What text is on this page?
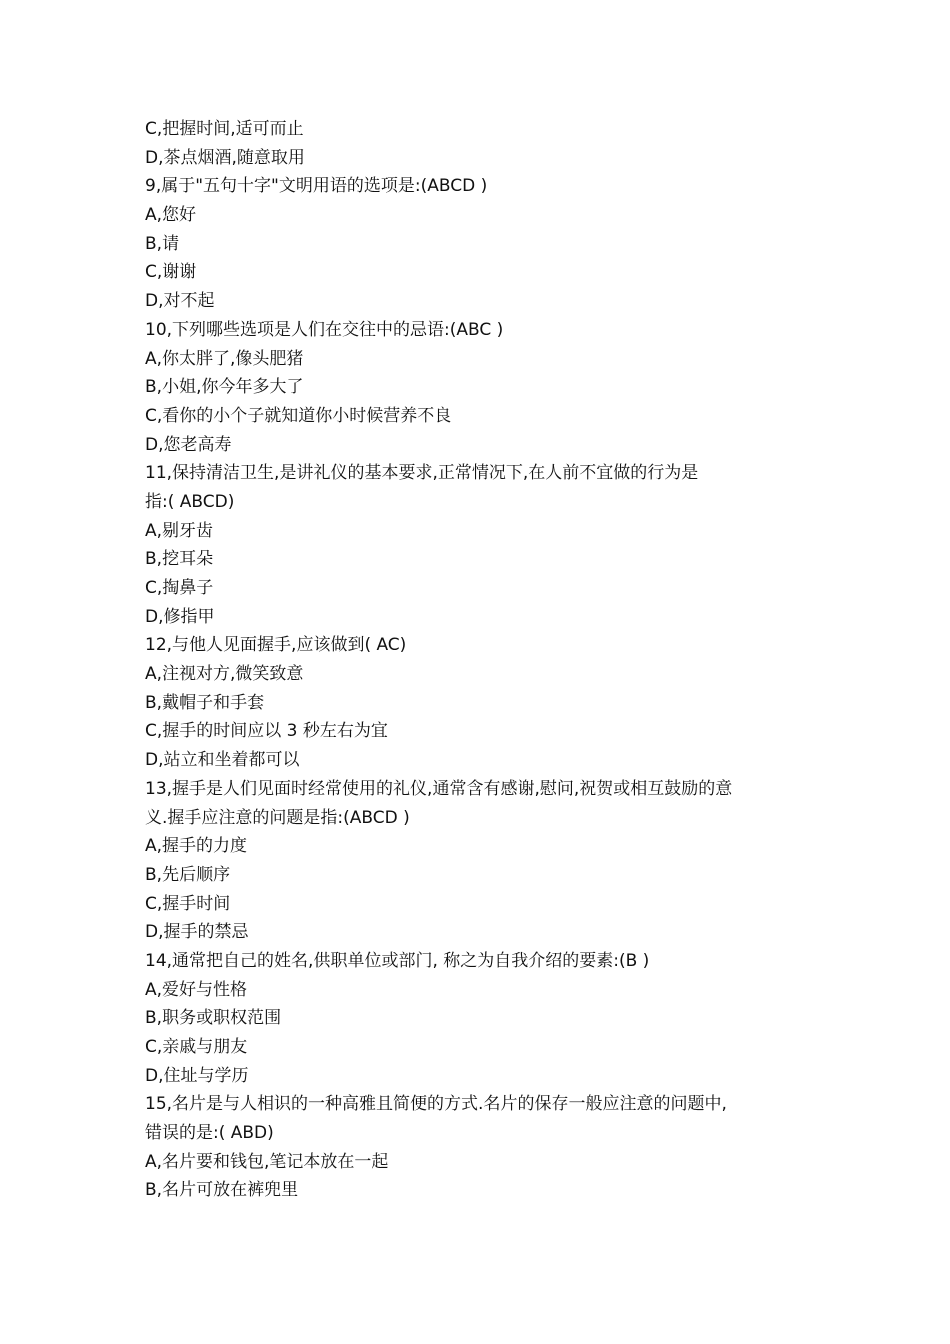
C,把握时间,适可而止
D,茶点烟酒,随意取用
9,属于"五句十字"文明用语的选项是:(ABCD )
A,您好
B,请
C,谢谢
D,对不起
10,下列哪些选项是人们在交往中的忌语:(ABC )
A,你太胖了,像头肥猪
B,小姐,你今年多大了
C,看你的小个子就知道你小时候营养不良
D,您老高寿
11,保持清洁卫生,是讲礼仪的基本要求,正常情况下,在人前不宜做的行为是
指:( ABCD)
A,剔牙齿
B,挖耳朵
C,掏鼻子
D,修指甲
12,与他人见面握手,应该做到( AC)
A,注视对方,微笑致意
B,戴帽子和手套
C,握手的时间应以 3 秒左右为宜
D,站立和坐着都可以
13,握手是人们见面时经常使用的礼仪,通常含有感谢,慰问,祝贺或相互鼓励的意
义.握手应注意的问题是指:(ABCD )
A,握手的力度
B,先后顺序
C,握手时间
D,握手的禁忌
14,通常把自己的姓名,供职单位或部门, 称之为自我介绍的要素:(B )
A,爱好与性格
B,职务或职权范围
C,亲戚与朋友
D,住址与学历
15,名片是与人相识的一种高雅且简便的方式.名片的保存一般应注意的问题中,
错误的是:( ABD)
A,名片要和钱包,笔记本放在一起
B,名片可放在裤兜里
